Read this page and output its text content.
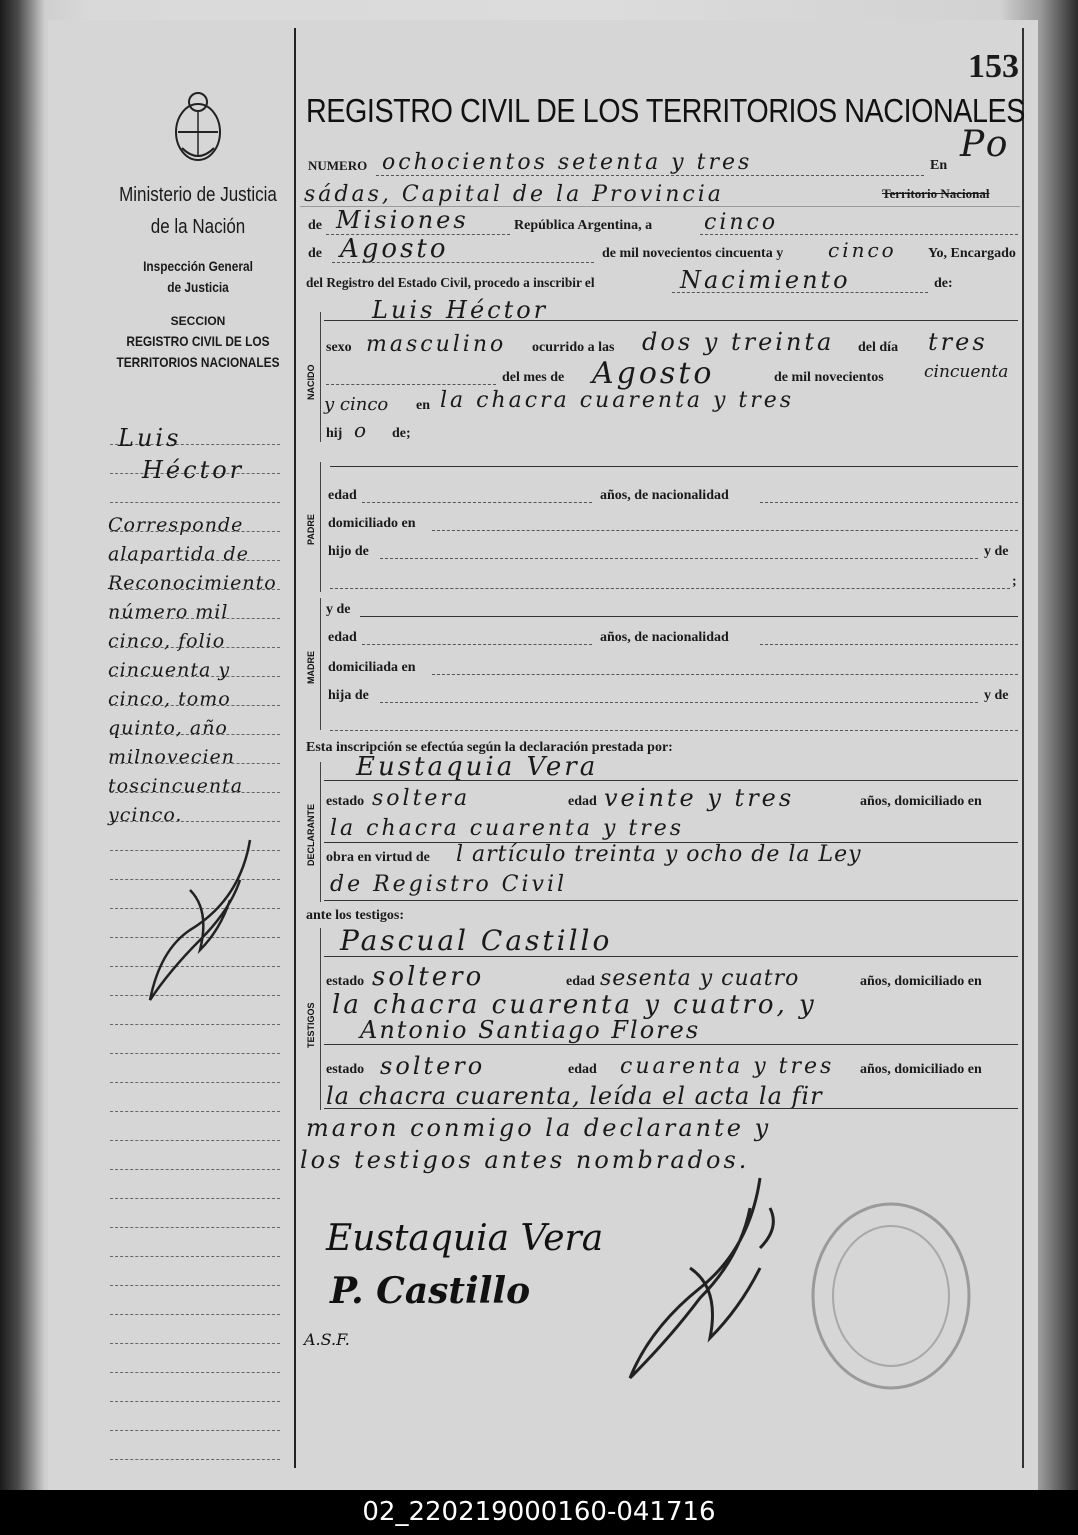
153
REGISTRO CIVIL DE LOS TERRITORIOS NACIONALES
Ministerio de Justicia
de la Nación
Inspección General
de Justicia
SECCION
REGISTRO CIVIL DE LOS
TERRITORIOS NACIONALES
Luis
Héctor
Corresponde
alapartida de
Reconocimiento
número mil
cinco, folio
cincuenta y
cinco, tomo
quinto, año
milnovecien
toscincuenta
ycinco.
NUMERO ochocientos setenta y tres	En
Po
sádas, Capital de la Provincia	Territorio Nacional
de Misiones	República Argentina, a cinco
de Agosto	de mil novecientos cincuenta y cinco Yo, Encargado
del Registro del Estado Civil, procedo a inscribir el	Nacimiento	de:
NACIDO
Luis Héctor
sexo masculino ocurrido a las dos y treinta del día tres
del mes de Agosto	de mil novecientos cincuenta
y cinco en la chacra cuarenta y tres
hij o de;
PADRE
edad	años, de nacionalidad
domiciliado en
hijo de	y de
;
MADRE
y de
edad	años, de nacionalidad
domiciliada en
hija de	y de
Esta inscripción se efectúa según la declaración prestada por:
DECLARANTE
Eustaquia Vera
estado soltera	edad veinte y tres	años, domiciliado en
la chacra cuarenta y tres
obra en virtud de l artículo treinta y ocho de la Ley
de Registro Civil
ante los testigos:
TESTIGOS
Pascual Castillo
estado soltero	edad sesenta y cuatro	años, domiciliado en
la chacra cuarenta y cuatro, y
Antonio Santiago Flores
estado soltero	edad cuarenta y tres años, domiciliado en
la chacra cuarenta, leída el acta la fir
maron conmigo la declarante y
los testigos antes nombrados.
Eustaquia Vera
P. Castillo
A.S.F.
02_220219000160-041716
